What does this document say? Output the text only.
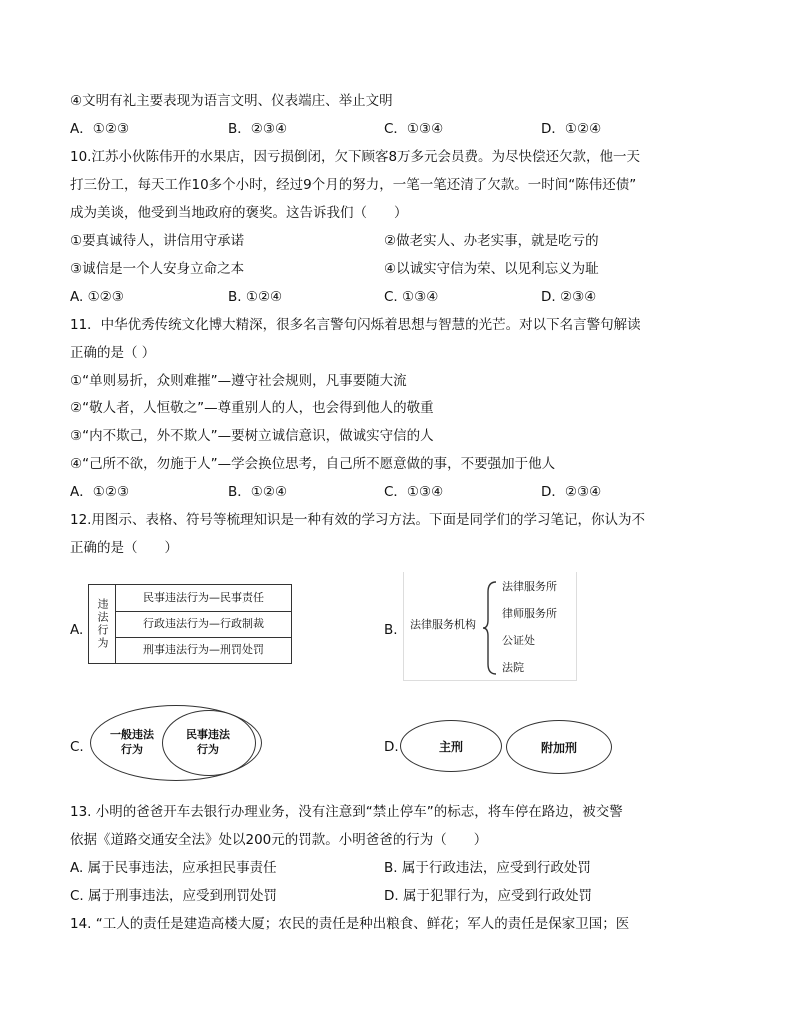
④文明有礼主要表现为语言文明、仪表端庄、举止文明
A．①②③	B．②③④	C．①③④	D．①②④
10.江苏小伙陈伟开的水果店，因亏损倒闭，欠下顾客8万多元会员费。为尽快偿还欠款，他一天
打三份工，每天工作10多个小时，经过9个月的努力，一笔一笔还清了欠款。一时间“陈伟还债”
成为美谈，他受到当地政府的褒奖。这告诉我们（　　）
①要真诚待人，讲信用守承诺	②做老实人、办老实事，就是吃亏的
③诚信是一个人安身立命之本	④以诚实守信为荣、以见利忘义为耻
A. ①②③	B. ①②④	C. ①③④	D. ②③④
11．中华优秀传统文化博大精深，很多名言警句闪烁着思想与智慧的光芒。对以下名言警句解读
正确的是（ ）
①“单则易折，众则难摧”—遵守社会规则，凡事要随大流
②“敬人者，人恒敬之”—尊重别人的人，也会得到他人的敬重
③“内不欺己，外不欺人”—要树立诚信意识，做诚实守信的人
④“己所不欲，勿施于人”—学会换位思考，自己所不愿意做的事，不要强加于他人
A．①②③	B．①②④	C．①③④	D．②③④
12.用图示、表格、符号等梳理知识是一种有效的学习方法。下面是同学们的学习笔记，你认为不
正确的是（　　）
A. 违法行为
民事违法行为—民事责任
行政违法行为—行政制裁
刑事违法行为—刑罚处罚
B. 法律服务机构
法律服务所
律师服务所
公证处
法院
C.
一般违法行为
民事违法行为	D.	主刑	附加刑
13. 小明的爸爸开车去银行办理业务，没有注意到“禁止停车”的标志，将车停在路边，被交警
依据《道路交通安全法》处以200元的罚款。小明爸爸的行为（　　）
A. 属于民事违法，应承担民事责任	B. 属于行政违法，应受到行政处罚
C. 属于刑事违法，应受到刑罚处罚	D. 属于犯罪行为，应受到行政处罚
14. “工人的责任是建造高楼大厦；农民的责任是种出粮食、鲜花；军人的责任是保家卫国；医
